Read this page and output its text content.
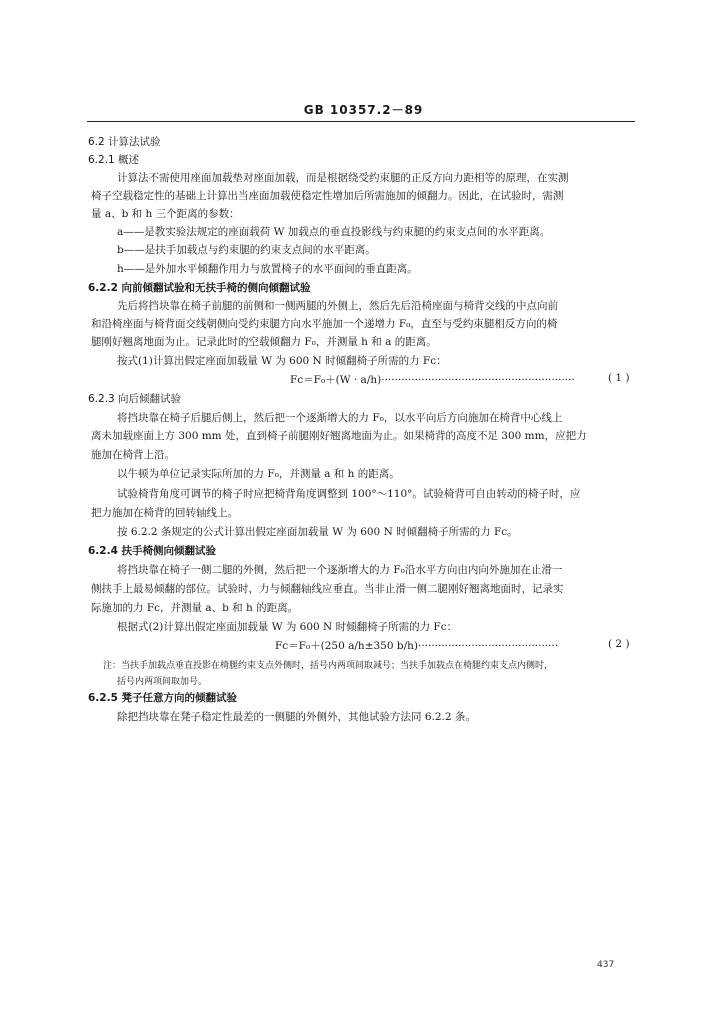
GB 10357.2－89
6.2 计算法试验
6.2.1 概述
计算法不需使用座面加载垫对座面加载，而是根据绕受约束腿的正反方向力距相等的原理，在实测
椅子空载稳定性的基础上计算出当座面加载使稳定性增加后所需施加的倾翻力。因此，在试验时，需测
量 a、b 和 h 三个距离的参数：
a——是教实验法规定的座面载荷 W 加载点的垂直投影线与约束腿的约束支点间的水平距离。
b——是扶手加载点与约束腿的约束支点间的水平距离。
h——是外加水平倾翻作用力与放置椅子的水平面间的垂直距离。
6.2.2 向前倾翻试验和无扶手椅的侧向倾翻试验
先后将挡块靠在椅子前腿的前侧和一侧两腿的外侧上，然后先后沿椅座面与椅背交线的中点向前
和沿椅座面与椅背面交线朝侧向受约束腿方向水平施加一个递增力 F₀，直至与受约束腿相反方向的椅
腿刚好翘离地面为止。记录此时的空载倾翻力 F₀，并测量 h 和 a 的距离。
按式(1)计算出假定座面加载量 W 为 600 N 时倾翻椅子所需的力 Fc：
Fc＝F₀＋(W · a/h)··························································	( 1 )
6.2.3 向后倾翻试验
将挡块靠在椅子后腿后侧上，然后把一个逐渐增大的力 F₀，以水平向后方向施加在椅背中心线上
离未加载座面上方 300 mm 处，直到椅子前腿刚好翘离地面为止。如果椅背的高度不足 300 mm，应把力
施加在椅背上沿。
以牛顿为单位记录实际所加的力 F₀，并测量 a 和 h 的距离。
试验椅背角度可调节的椅子时应把椅背角度调整到 100°～110°。试验椅背可自由转动的椅子时，应
把力施加在椅背的回转轴线上。
按 6.2.2 条规定的公式计算出假定座面加载量 W 为 600 N 时倾翻椅子所需的力 Fc。
6.2.4 扶手椅侧向倾翻试验
将挡块靠在椅子一侧二腿的外侧，然后把一个逐渐增大的力 F₀沿水平方向由内向外施加在止滑一
侧扶手上最易倾翻的部位。试验时，力与倾翻轴线应垂直。当非止滑一侧二腿刚好翘离地面时，记录实
际施加的力 Fc，并测量 a、b 和 h 的距离。
根据式(2)计算出假定座面加载量 W 为 600 N 时倾翻椅子所需的力 Fc：
Fc＝F₀＋(250 a/h±350 b/h)··········································	( 2 )
注：当扶手加载点垂直投影在椅腿约束支点外侧时，括号内两项间取减号；当扶手加载点在椅腿约束支点内侧时，
括号内两项间取加号。
6.2.5 凳子任意方向的倾翻试验
除把挡块靠在凳子稳定性最差的一侧腿的外侧外，其他试验方法同 6.2.2 条。
437
